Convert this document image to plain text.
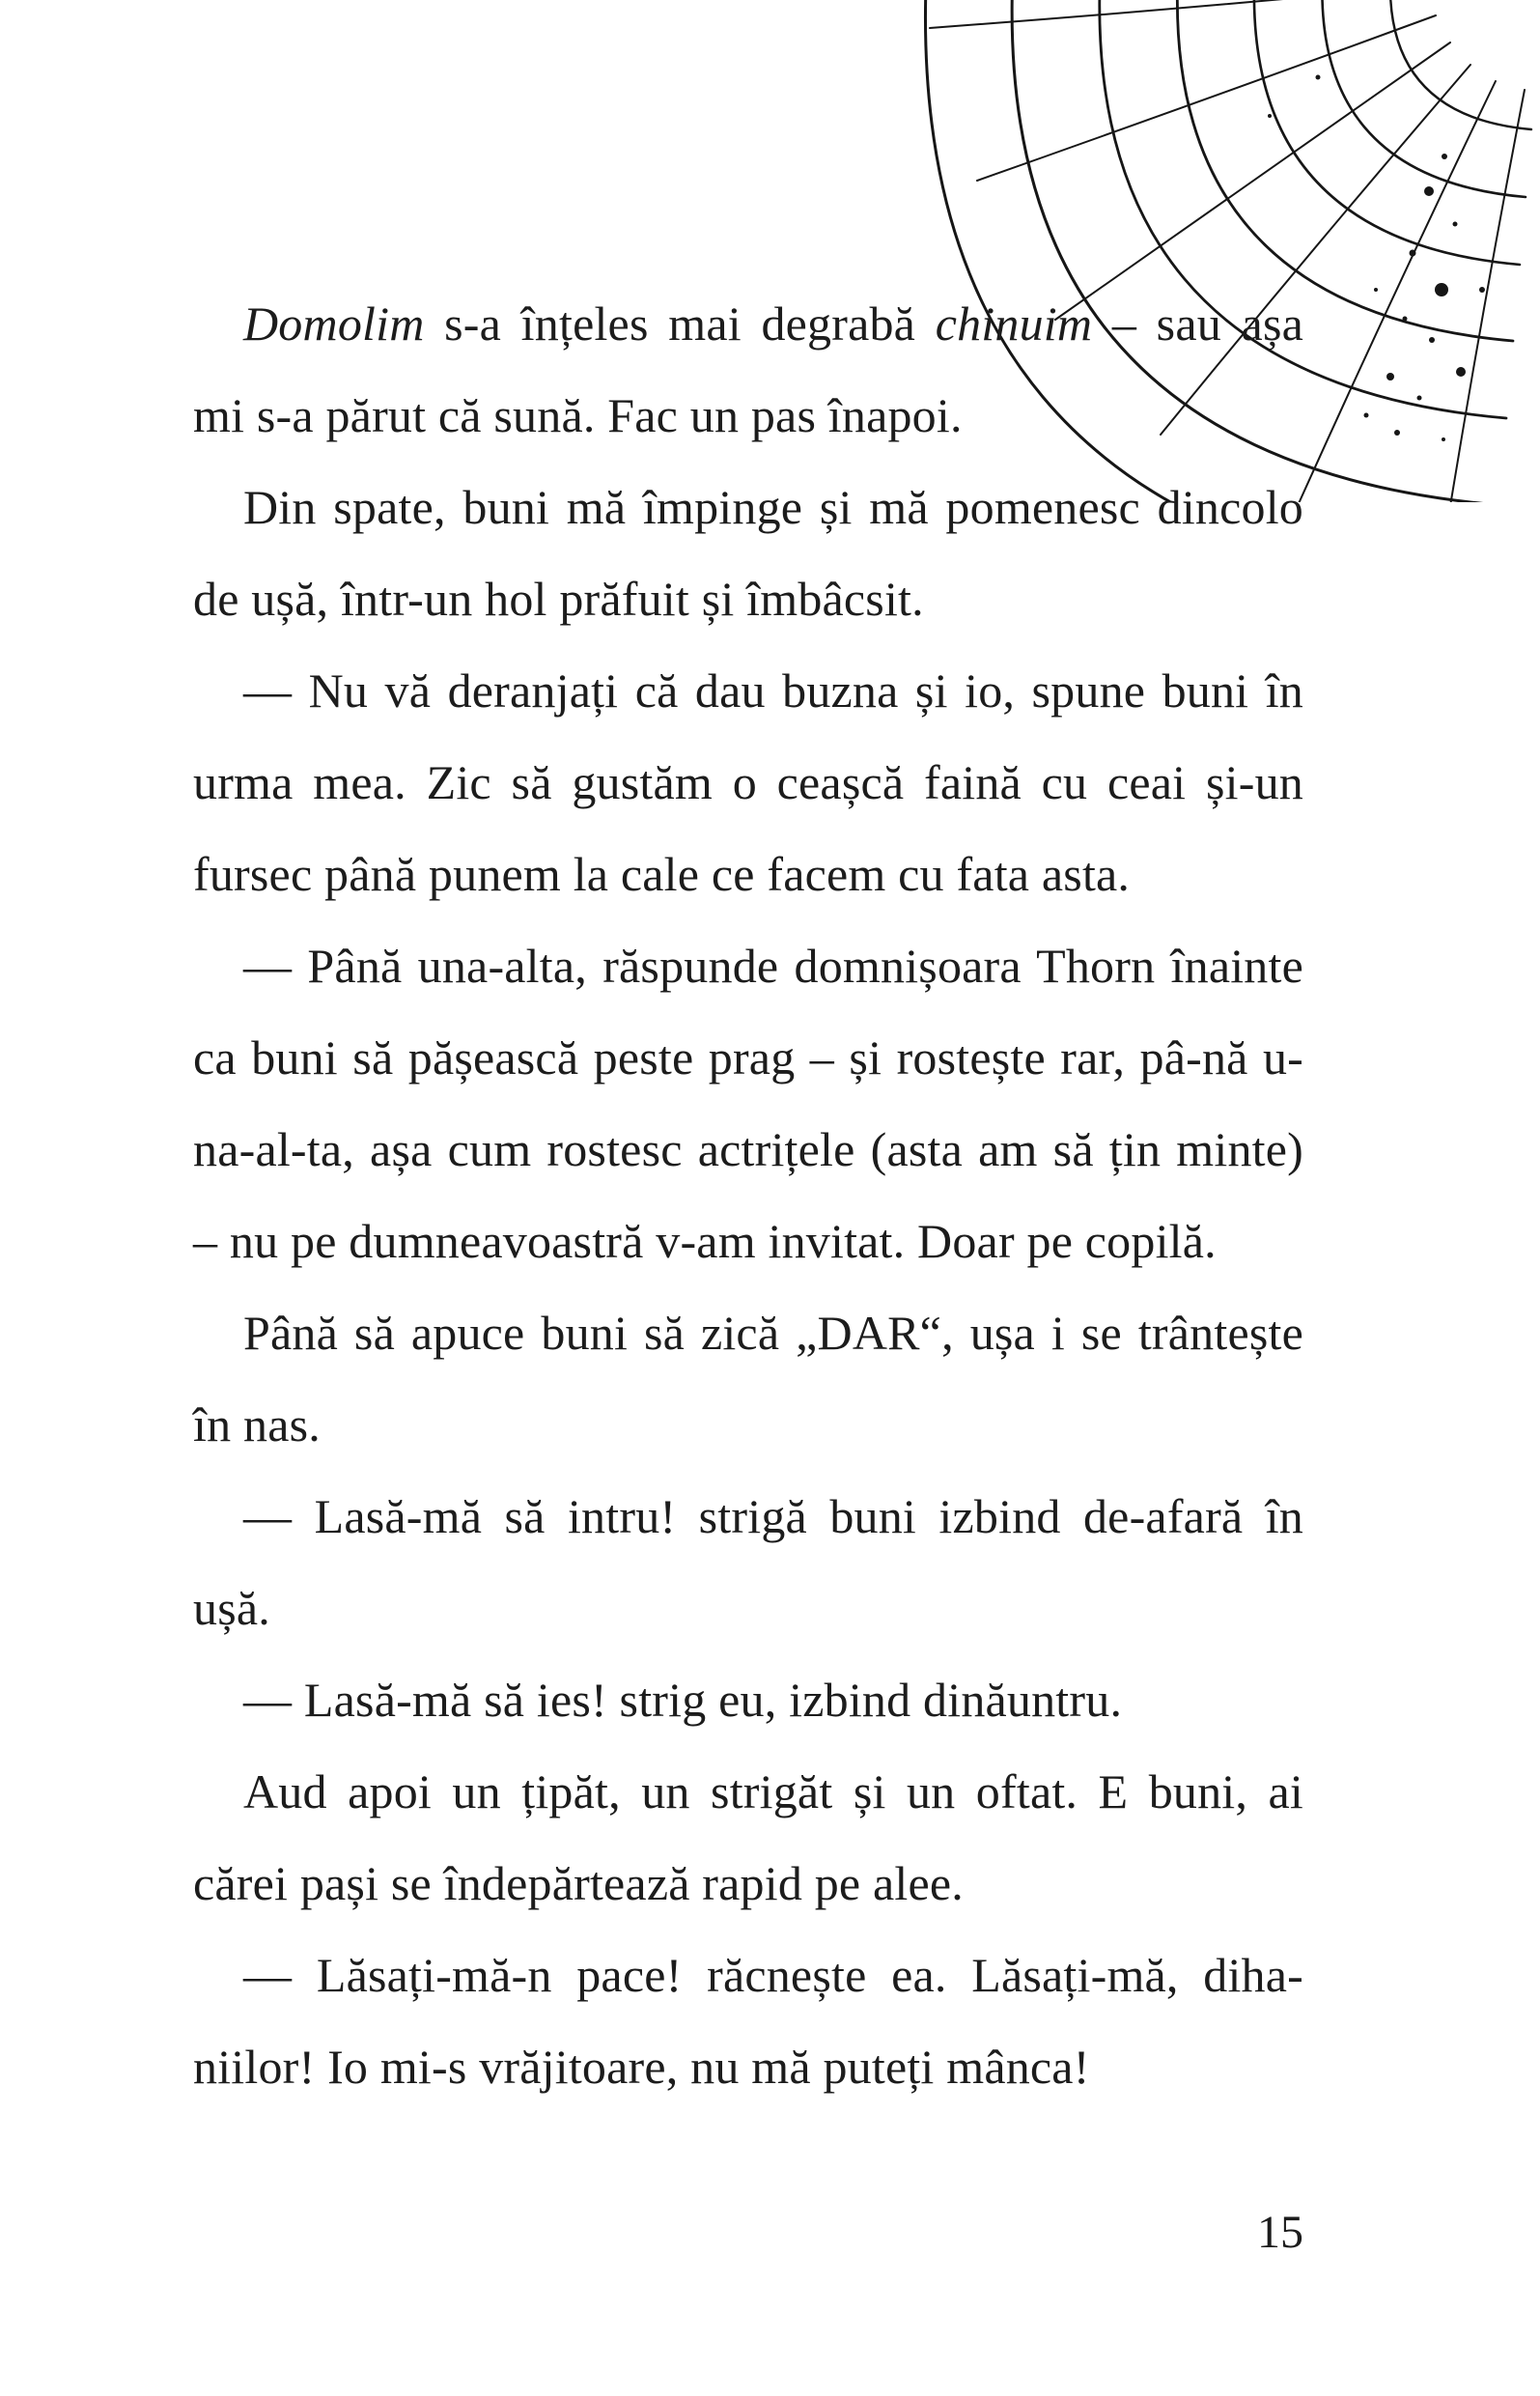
Domolim s-a înțeles mai degrabă chinuim – sau așa mi s-a părut că sună. Fac un pas înapoi.

Din spate, buni mă împinge și mă pomenesc dincolo de ușă, într-un hol prăfuit și îmbâcsit.

— Nu vă deranjați că dau buzna și io, spune buni în urma mea. Zic să gustăm o ceașcă faină cu ceai și-un fursec până punem la cale ce facem cu fata asta.

— Până una-alta, răspunde domnișoara Thorn înainte ca buni să pășească peste prag – și rostește rar, pâ-nă u-na-al-ta, așa cum rostesc actrițele (asta am să țin minte) – nu pe dumneavoastră v-am invitat. Doar pe copilă.

Până să apuce buni să zică „DAR“, ușa i se trântește în nas.

— Lasă-mă să intru! strigă buni izbind de-afară în ușă.

— Lasă-mă să ies! strig eu, izbind dinăuntru.

Aud apoi un țipăt, un strigăt și un oftat. E buni, ai cărei pași se îndepărtează rapid pe alee.

— Lăsați-mă-n pace! răcnește ea. Lăsați-mă, diha-niilor! Io mi-s vrăjitoare, nu mă puteți mânca!

15
